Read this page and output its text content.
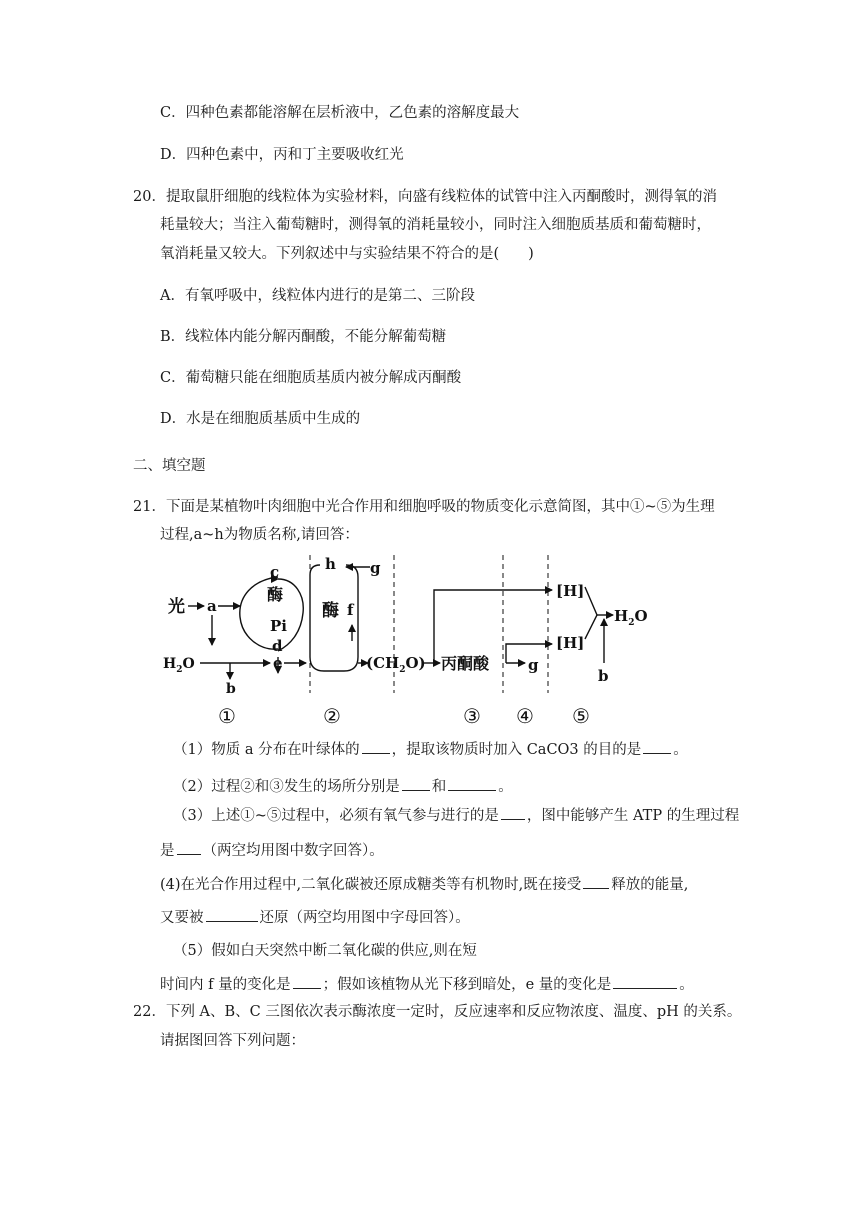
C．四种色素都能溶解在层析液中，乙色素的溶解度最大
D．四种色素中，丙和丁主要吸收红光
20．提取鼠肝细胞的线粒体为实验材料，向盛有线粒体的试管中注入丙酮酸时，测得氧的消
耗量较大；当注入葡萄糖时，测得氧的消耗量较小，同时注入细胞质基质和葡萄糖时，
氧消耗量又较大。下列叙述中与实验结果不符合的是(　　)
A．有氧呼吸中，线粒体内进行的是第二、三阶段
B．线粒体内能分解丙酮酸，不能分解葡萄糖
C．葡萄糖只能在细胞质基质内被分解成丙酮酸
D．水是在细胞质基质中生成的
二、填空题
21．下面是某植物叶肉细胞中光合作用和细胞呼吸的物质变化示意简图，其中①~⑤为生理
过程,a~h为物质名称,请回答：
光 a
c
酶
Pi
d
$H_2O$
b
e
h g
酶 f
$(CH_2O)$ 丙酮酸	g
[H]
[H]
$H_2O$
b
①	②	③ ④ ⑤
（1）物质 a 分布在叶绿体的 ，提取该物质时加入 CaCO3 的目的是 。
（2）过程②和③发生的场所分别是 和	。
（3）上述①~⑤过程中，必须有氧气参与进行的是 ，图中能够产生 ATP 的生理过程
是 （两空均用图中数字回答）。
(4)在光合作用过程中,二氧化碳被还原成糖类等有机物时,既在接受 释放的能量,
又要被	还原（两空均用图中字母回答）。
（5）假如白天突然中断二氧化碳的供应,则在短
时间内 f 量的变化是 ；假如该植物从光下移到暗处，e 量的变化是	。
22．下列 A、B、C 三图依次表示酶浓度一定时，反应速率和反应物浓度、温度、pH 的关系。
请据图回答下列问题：
